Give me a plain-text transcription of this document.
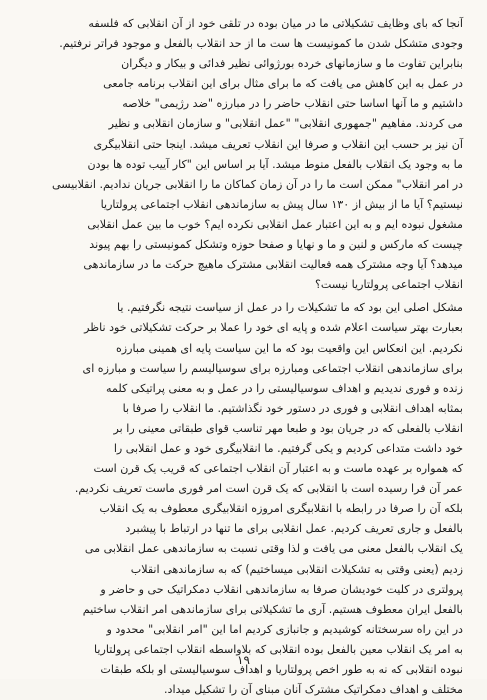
آنجا که بای وظایف تشکیلاتی ما در میان بوده در تلقی خود از آن انقلابی که فلسفه
وجودی متشکل شدن ما کمونیست ها ست ما از حد انقلاب بالفعل و موجود فراتر نرفتیم.
بنابراین تفاوت ما و سازمانهای خرده بورژوائی نظیر فدائی و بیکار و دیگران
در عمل به این کاهش می یافت که ما برای مثال برای این انقلاب برنامه جامعی
داشتیم و ما آنها اساسا حتی انقلاب حاضر را در مبارزه "ضد رژیمی" خلاصه
می کردند. مفاهیم "جمهوری انقلابی" "عمل انقلابی" و سازمان انقلابی و نظیر
آن نیز بر حسب این انقلاب و صرفا این انقلاب تعریف میشد. اینجا حتی انقلابیگری
ما به وجود یک انقلاب بالفعل منوط میشد. آیا بر اساس این "کار آییب توده ها بودن
در امر انقلاب" ممکن است ما را در آن زمان کماکان ما را انقلابی جریان ندادیم. انقلابیسی
نیستیم؟ آیا ما از بیش از ۱۳۰ سال پیش به سازماندهی انقلاب اجتماعی پرولتاریا
مشغول نبوده ایم و به این اعتبار عمل انقلابی نکرده ایم؟ خوب ما بین عمل انقلابی
چیست که مارکس و لنین و ما و نهایا و صفحا حوزه وتشکل کمونیستی را بهم پیوند
میدهد؟ آیا وجه مشترک همه فعالیت انقلابی مشترک ماهیچ حرکت ما در سازماندهی
انقلاب اجتماعی پرولتاریا نیست؟
مشکل اصلی این بود که ما تشکیلات را در عمل از سیاست نتیجه نگرفتیم. یا
بعبارت بهتر سیاست اعلام شده و پایه ای خود را عملا بر حرکت تشکیلاتی خود ناظر
نکردیم. این انعکاس این واقعیت بود که ما این سیاست پایه ای همینی مبارزه
برای سازماندهی انقلاب اجتماعی ومبارزه برای سوسیالیسم را سیاست و مبارزه ای
زنده و فوری ندیدیم و اهداف سوسیالیستی را در عمل و به معنی پراتیکی کلمه
بمثابه اهداف انقلابی و فوری در دستور خود نگذاشتیم. ما انقلاب را صرفا با
انقلاب بالفعلی که در جریان بود و طبعا مهر تناسب قوای طبقاتی معینی را بر
خود داشت متداعی کردیم و یکی گرفتیم. ما انقلابیگری خود و عمل انقلابی را
که همواره بر عهده ماست و به اعتبار آن انقلاب اجتماعی که قریب یک قرن است
عمر آن فرا رسیده است با انقلابی که یک قرن است امر فوری ماست تعریف نکردیم.
بلکه آن را صرفا در رابطه با انقلابیگری امروزه انقلابیگری معطوف به یک انقلاب
بالفعل و جاری تعریف کردیم. عمل انقلابی برای ما تنها در ارتباط با پیشبرد
یک انقلاب بالفعل معنی می یافت و لذا وقتی نسبت به سازماندهی عمل انقلابی می
زدیم (یعنی وقتی به تشکیلات انقلابی میساختیم) که به سازماندهی انقلاب
پرولتری در کلیت خودیشان صرفا به سازماندهی انقلاب دمکراتیک حی و حاضر و
بالفعل ایران معطوف هستیم. آری ما تشکیلاتی برای سازماندهی امر انقلاب ساختیم
در این راه سرسختانه کوشیدیم و جانبازی کردیم اما این "امر انقلابی" محدود و
به امر یک انقلاب معین بالفعل بوده انقلابی که بلاواسطه انقلاب اجتماعی پرولتاریا
نبوده انقلابی که نه به طور اخص پرولتاریا و اهداف سوسیالیستی او بلکه طبقات
مختلف و اهداف دمکراتیک مشترک آنان مبنای آن را تشکیل میداد.
١٩
